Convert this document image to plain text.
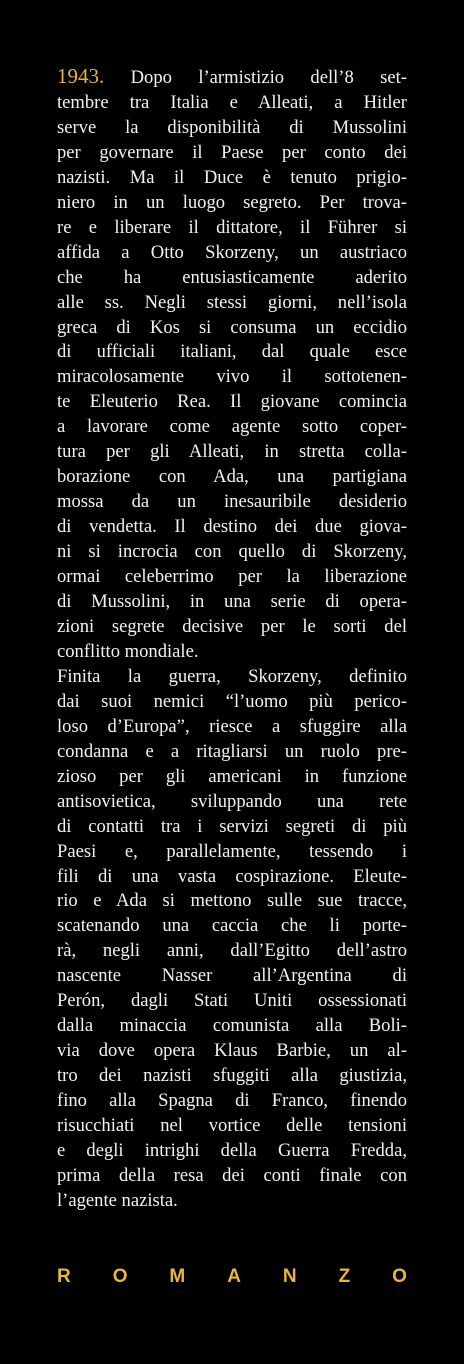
1943. Dopo l’armistizio dell’8 set-
tembre tra Italia e Alleati, a Hitler
serve la disponibilità di Mussolini
per governare il Paese per conto dei
nazisti. Ma il Duce è tenuto prigio-
niero in un luogo segreto. Per trova-
re e liberare il dittatore, il Führer si
affida a Otto Skorzeny, un austriaco
che ha entusiasticamente aderito
alle ss. Negli stessi giorni, nell’isola
greca di Kos si consuma un eccidio
di ufficiali italiani, dal quale esce
miracolosamente vivo il sottotenen-
te Eleuterio Rea. Il giovane comincia
a lavorare come agente sotto coper-
tura per gli Alleati, in stretta colla-
borazione con Ada, una partigiana
mossa da un inesauribile desiderio
di vendetta. Il destino dei due giova-
ni si incrocia con quello di Skorzeny,
ormai celeberrimo per la liberazione
di Mussolini, in una serie di opera-
zioni segrete decisive per le sorti del
conflitto mondiale.

Finita la guerra, Skorzeny, definito
dai suoi nemici “l’uomo più perico-
loso d’Europa”, riesce a sfuggire alla
condanna e a ritagliarsi un ruolo pre-
zioso per gli americani in funzione
antisovietica, sviluppando una rete
di contatti tra i servizi segreti di più
Paesi e, parallelamente, tessendo i
fili di una vasta cospirazione. Eleute-
rio e Ada si mettono sulle sue tracce,
scatenando una caccia che li porte-
rà, negli anni, dall’Egitto dell’astro
nascente Nasser all’Argentina di
Perón, dagli Stati Uniti ossessionati
dalla minaccia comunista alla Boli-
via dove opera Klaus Barbie, un al-
tro dei nazisti sfuggiti alla giustizia,
fino alla Spagna di Franco, finendo
risucchiati nel vortice delle tensioni
e degli intrighi della Guerra Fredda,
prima della resa dei conti finale con
l’agente nazista.

R O M A N Z O
